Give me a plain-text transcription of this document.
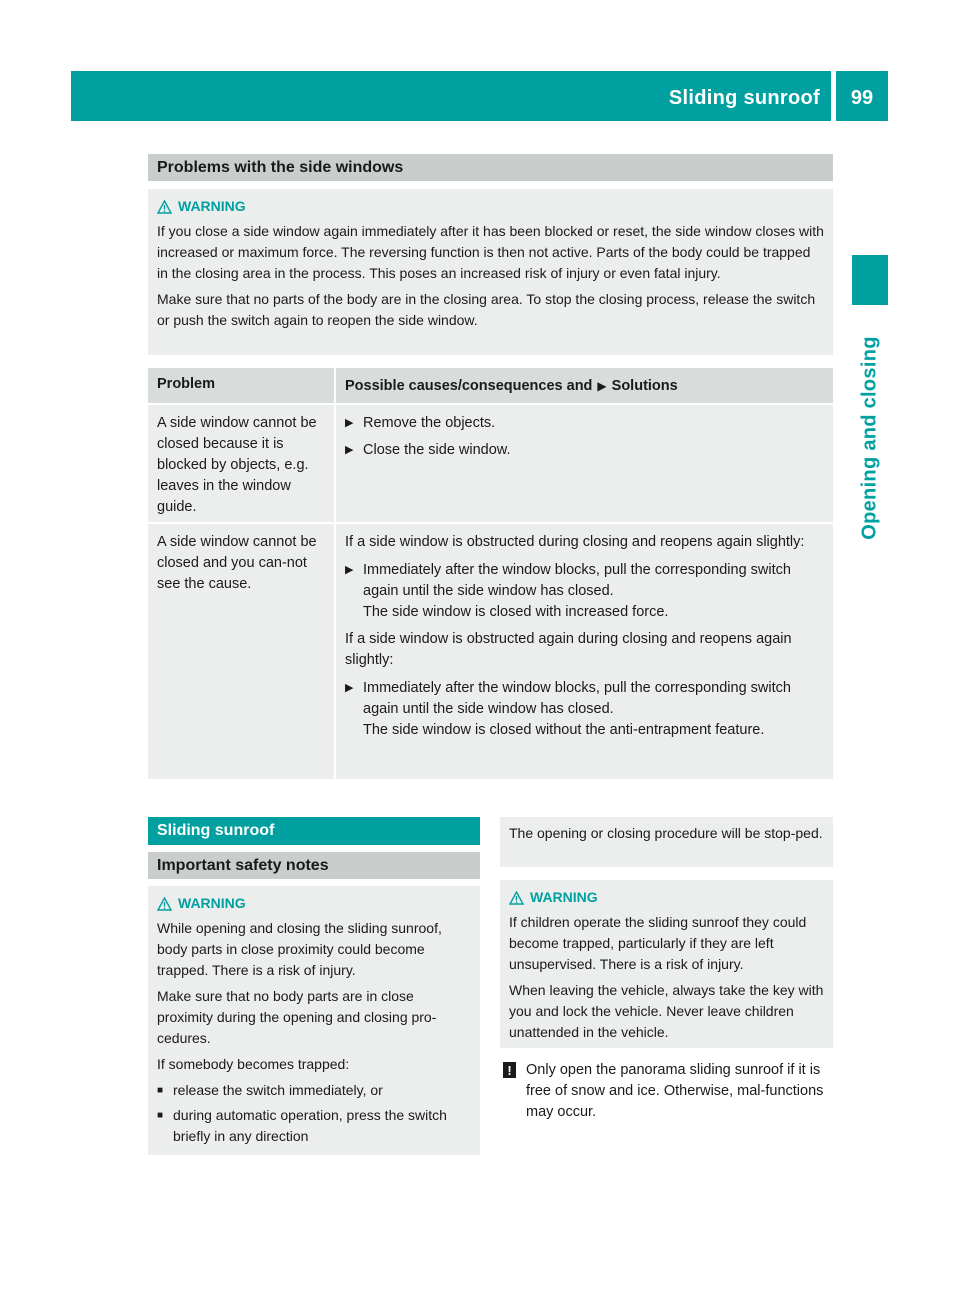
Sliding sunroof	99
Opening and closing
Problems with the side windows
WARNING

If you close a side window again immediately after it has been blocked or reset, the side window closes with increased or maximum force. The reversing function is then not active. Parts of the body could be trapped in the closing area in the process. This poses an increased risk of injury or even fatal injury.

Make sure that no parts of the body are in the closing area. To stop the closing process, release the switch or push the switch again to reopen the side window.

Problem	Possible causes/consequences and ▶ Solutions
A side window cannot be closed because it is blocked by objects, e.g. leaves in the window guide.
▶ Remove the objects.
▶ Close the side window.
A side window cannot be closed and you can-not see the cause.

If a side window is obstructed during closing and reopens again slightly:

▶ Immediately after the window blocks, pull the corresponding switch again until the side window has closed.
The side window is closed with increased force.

If a side window is obstructed again during closing and reopens again slightly:

▶ Immediately after the window blocks, pull the corresponding switch again until the side window has closed.
The side window is closed without the anti-entrapment feature.
Sliding sunroof
Important safety notes
WARNING

While opening and closing the sliding sunroof, body parts in close proximity could become trapped. There is a risk of injury.

Make sure that no body parts are in close proximity during the opening and closing pro-cedures.

If somebody becomes trapped:

■ release the switch immediately, or
■ during automatic operation, press the switch briefly in any direction
The opening or closing procedure will be stop-ped.
WARNING

If children operate the sliding sunroof they could become trapped, particularly if they are left unsupervised. There is a risk of injury.

When leaving the vehicle, always take the key with you and lock the vehicle. Never leave children unattended in the vehicle.

! Only open the panorama sliding sunroof if it is free of snow and ice. Otherwise, mal-functions may occur.
